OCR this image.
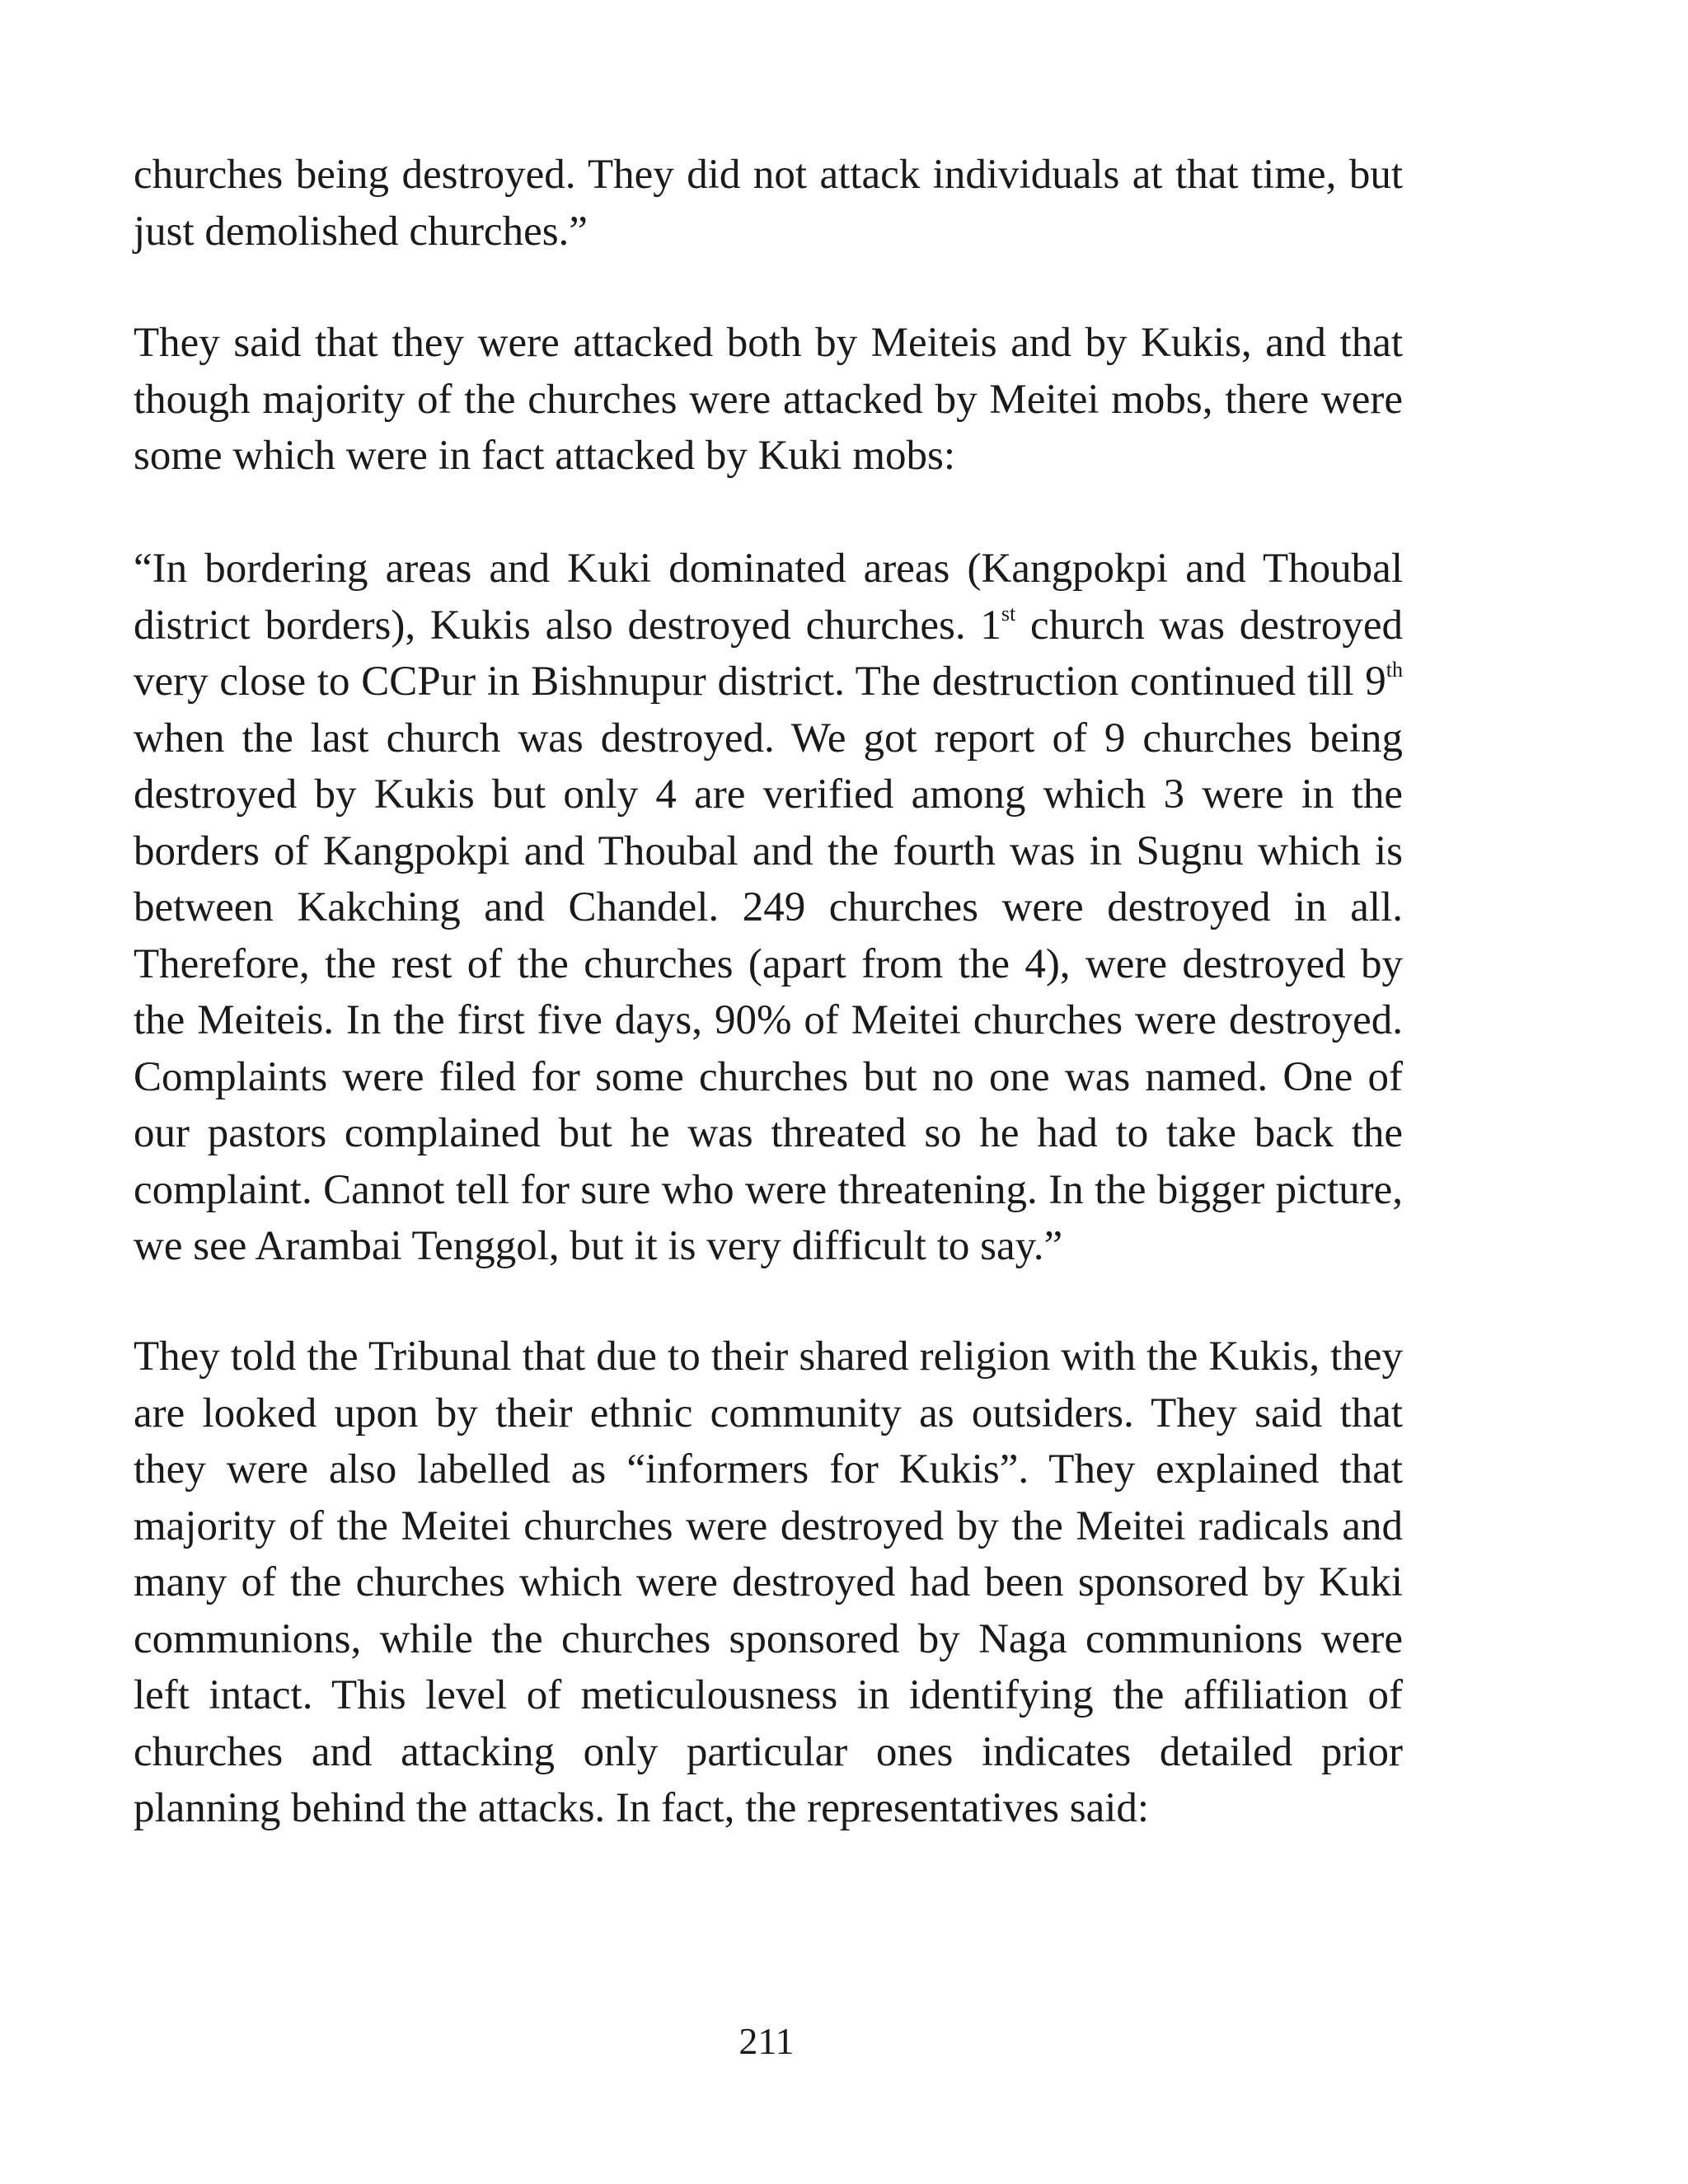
churches being destroyed. They did not attack individuals at that time, but just demolished churches.”

They said that they were attacked both by Meiteis and by Kukis, and that though majority of the churches were attacked by Meitei mobs, there were some which were in fact attacked by Kuki mobs:

“In bordering areas and Kuki dominated areas (Kangpokpi and Thoubal district borders), Kukis also destroyed churches. 1st church was destroyed very close to CCPur in Bishnupur district. The destruction continued till 9th when the last church was destroyed. We got report of 9 churches being destroyed by Kukis but only 4 are verified among which 3 were in the borders of Kangpokpi and Thoubal and the fourth was in Sugnu which is between Kakching and Chandel. 249 churches were destroyed in all. Therefore, the rest of the churches (apart from the 4), were destroyed by the Meiteis. In the first five days, 90% of Meitei churches were destroyed. Complaints were filed for some churches but no one was named. One of our pastors complained but he was threated so he had to take back the complaint. Cannot tell for sure who were threatening. In the bigger picture, we see Arambai Tenggol, but it is very difficult to say.”

They told the Tribunal that due to their shared religion with the Kukis, they are looked upon by their ethnic community as outsiders. They said that they were also labelled as “informers for Kukis”. They explained that majority of the Meitei churches were destroyed by the Meitei radicals and many of the churches which were destroyed had been sponsored by Kuki communions, while the churches sponsored by Naga communions were left intact. This level of meticulousness in identifying the affiliation of churches and attacking only particular ones indicates detailed prior planning behind the attacks. In fact, the representatives said:

211
